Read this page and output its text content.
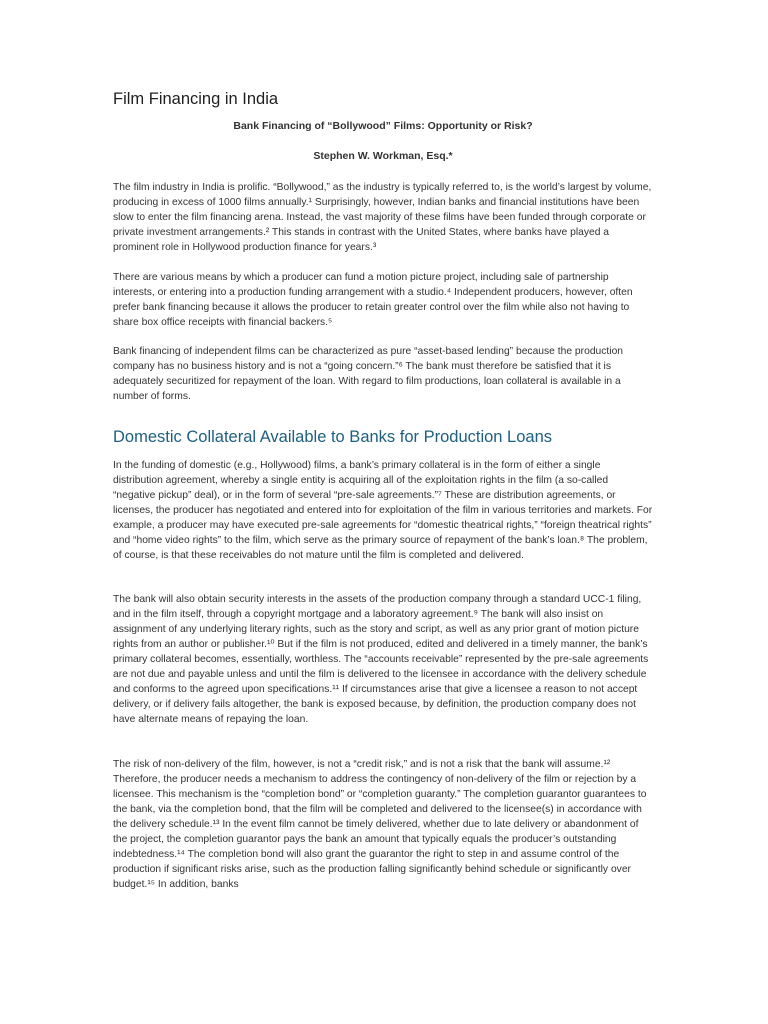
Film Financing in India

Bank Financing of “Bollywood” Films: Opportunity or Risk?

Stephen W. Workman, Esq.*

The film industry in India is prolific. “Bollywood,” as the industry is typically referred to, is the world’s largest by volume, producing in excess of 1000 films annually.¹ Surprisingly, however, Indian banks and financial institutions have been slow to enter the film financing arena. Instead, the vast majority of these films have been funded through corporate or private investment arrangements.² This stands in contrast with the United States, where banks have played a prominent role in Hollywood production finance for years.³

There are various means by which a producer can fund a motion picture project, including sale of partnership interests, or entering into a production funding arrangement with a studio.⁴ Independent producers, however, often prefer bank financing because it allows the producer to retain greater control over the film while also not having to share box office receipts with financial backers.⁵

Bank financing of independent films can be characterized as pure “asset-based lending” because the production company has no business history and is not a “going concern.”⁶ The bank must therefore be satisfied that it is adequately securitized for repayment of the loan. With regard to film productions, loan collateral is available in a number of forms.

Domestic Collateral Available to Banks for Production Loans

In the funding of domestic (e.g., Hollywood) films, a bank’s primary collateral is in the form of either a single distribution agreement, whereby a single entity is acquiring all of the exploitation rights in the film (a so-called “negative pickup” deal), or in the form of several “pre-sale agreements.”⁷ These are distribution agreements, or licenses, the producer has negotiated and entered into for exploitation of the film in various territories and markets. For example, a producer may have executed pre-sale agreements for “domestic theatrical rights,” “foreign theatrical rights” and “home video rights” to the film, which serve as the primary source of repayment of the bank’s loan.⁸ The problem, of course, is that these receivables do not mature until the film is completed and delivered.

The bank will also obtain security interests in the assets of the production company through a standard UCC-1 filing, and in the film itself, through a copyright mortgage and a laboratory agreement.⁹ The bank will also insist on assignment of any underlying literary rights, such as the story and script, as well as any prior grant of motion picture rights from an author or publisher.¹⁰ But if the film is not produced, edited and delivered in a timely manner, the bank’s primary collateral becomes, essentially, worthless. The “accounts receivable” represented by the pre-sale agreements are not due and payable unless and until the film is delivered to the licensee in accordance with the delivery schedule and conforms to the agreed upon specifications.¹¹ If circumstances arise that give a licensee a reason to not accept delivery, or if delivery fails altogether, the bank is exposed because, by definition, the production company does not have alternate means of repaying the loan.

The risk of non-delivery of the film, however, is not a “credit risk,” and is not a risk that the bank will assume.¹² Therefore, the producer needs a mechanism to address the contingency of non-delivery of the film or rejection by a licensee. This mechanism is the “completion bond” or “completion guaranty.” The completion guarantor guarantees to the bank, via the completion bond, that the film will be completed and delivered to the licensee(s) in accordance with the delivery schedule.¹³ In the event film cannot be timely delivered, whether due to late delivery or abandonment of the project, the completion guarantor pays the bank an amount that typically equals the producer’s outstanding indebtedness.¹⁴ The completion bond will also grant the guarantor the right to step in and assume control of the production if significant risks arise, such as the production falling significantly behind schedule or significantly over budget.¹⁵ In addition, banks
